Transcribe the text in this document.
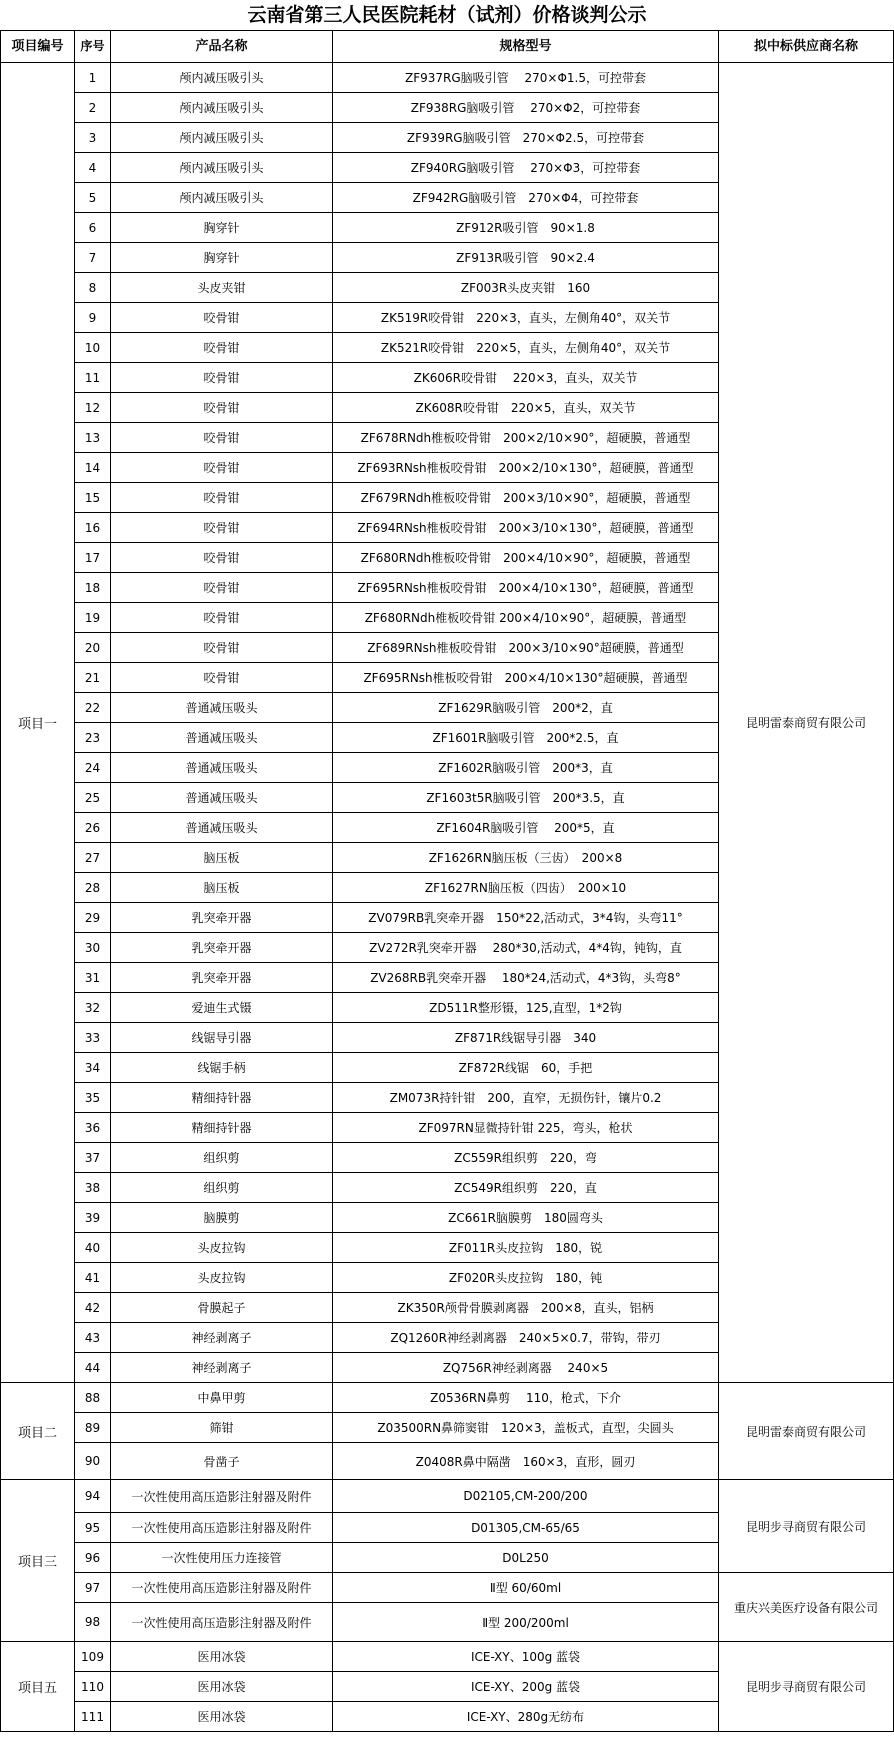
云南省第三人民医院耗材（试剂）价格谈判公示
项目编号	序号	产品名称	规格型号	拟中标供应商名称
项目一	1	颅内减压吸引头	ZF937RG脑吸引管　 270×Φ1.5，可控带套	昆明雷泰商贸有限公司
	2	颅内减压吸引头	ZF938RG脑吸引管　 270×Φ2，可控带套	
	3	颅内减压吸引头	ZF939RG脑吸引管　270×Φ2.5，可控带套	
	4	颅内减压吸引头	ZF940RG脑吸引管　 270×Φ3，可控带套	
	5	颅内减压吸引头	ZF942RG脑吸引管　270×Φ4，可控带套	
	6	胸穿针	ZF912R吸引管　90×1.8	
	7	胸穿针	ZF913R吸引管　90×2.4	
	8	头皮夹钳	ZF003R头皮夹钳　160	
	9	咬骨钳	ZK519R咬骨钳　220×3，直头，左侧角40°，双关节	
	10	咬骨钳	ZK521R咬骨钳　220×5，直头，左侧角40°，双关节	
	11	咬骨钳	ZK606R咬骨钳　 220×3，直头，双关节	
	12	咬骨钳	ZK608R咬骨钳　220×5，直头，双关节	
	13	咬骨钳	ZF678RNdh椎板咬骨钳　200×2/10×90°，超硬膜，普通型	
	14	咬骨钳	ZF693RNsh椎板咬骨钳　200×2/10×130°，超硬膜，普通型	
	15	咬骨钳	ZF679RNdh椎板咬骨钳　200×3/10×90°，超硬膜，普通型	
	16	咬骨钳	ZF694RNsh椎板咬骨钳　200×3/10×130°，超硬膜，普通型	
	17	咬骨钳	ZF680RNdh椎板咬骨钳　200×4/10×90°，超硬膜，普通型	
	18	咬骨钳	ZF695RNsh椎板咬骨钳　200×4/10×130°，超硬膜，普通型	
	19	咬骨钳	ZF680RNdh椎板咬骨钳 200×4/10×90°，超硬膜，普通型	
	20	咬骨钳	ZF689RNsh椎板咬骨钳　200×3/10×90°超硬膜，普通型	
	21	咬骨钳	ZF695RNsh椎板咬骨钳　200×4/10×130°超硬膜，普通型	
	22	普通减压吸头	ZF1629R脑吸引管　200*2，直	
	23	普通减压吸头	ZF1601R脑吸引管　200*2.5，直	
	24	普通减压吸头	ZF1602R脑吸引管　200*3，直	
	25	普通减压吸头	ZF1603t5R脑吸引管　200*3.5，直	
	26	普通减压吸头	ZF1604R脑吸引管　 200*5，直	
	27	脑压板	ZF1626RN脑压板（三齿）　200×8	
	28	脑压板	ZF1627RN脑压板（四齿）　200×10	
	29	乳突牵开器	ZV079RB乳突牵开器　150*22,活动式，3*4钩，头弯11°	
	30	乳突牵开器	ZV272R乳突牵开器　 280*30,活动式，4*4钩，钝钩，直	
	31	乳突牵开器	ZV268RB乳突牵开器　 180*24,活动式，4*3钩，头弯8°	
	32	爱迪生式镊	ZD511R整形镊，125,直型，1*2钩	
	33	线锯导引器	ZF871R线锯导引器　340	
	34	线锯手柄	ZF872R线锯　60，手把	
	35	精细持针器	ZM073R持针钳　200，直窄，无损伤针，镶片0.2	
	36	精细持针器	ZF097RN显微持针钳 225，弯头，枪状	
	37	组织剪	ZC559R组织剪　220，弯	
	38	组织剪	ZC549R组织剪　220，直	
	39	脑膜剪	ZC661R脑膜剪　180圆弯头	
	40	头皮拉钩	ZF011R头皮拉钩　180，锐	
	41	头皮拉钩	ZF020R头皮拉钩　180，钝	
	42	骨膜起子	ZK350R颅骨骨膜剥离器　200×8，直头，铝柄	
	43	神经剥离子	ZQ1260R神经剥离器　240×5×0.7，带钩，带刃	
	44	神经剥离子	ZQ756R神经剥离器　 240×5	
项目二	88	中鼻甲剪	Z0536RN鼻剪　 110，枪式，下介	昆明雷泰商贸有限公司
	89	筛钳	Z03500RN鼻筛窦钳　120×3，盖板式，直型，尖圆头	
	90	骨凿子	Z0408R鼻中隔凿　160×3，直形，圆刃	
项目三	94	一次性使用高压造影注射器及附件	D02105,CM-200/200	昆明步寻商贸有限公司
	95	一次性使用高压造影注射器及附件	D01305,CM-65/65	
	96	一次性使用压力连接管	D0L250	
	97	一次性使用高压造影注射器及附件	Ⅱ型 60/60ml	重庆兴美医疗设备有限公司
	98	一次性使用高压造影注射器及附件	Ⅱ型 200/200ml	
项目五	109	医用冰袋	ICE-XY、100g 蓝袋	昆明步寻商贸有限公司
	110	医用冰袋	ICE-XY、200g 蓝袋	
	111	医用冰袋	ICE-XY、280g无纺布	
